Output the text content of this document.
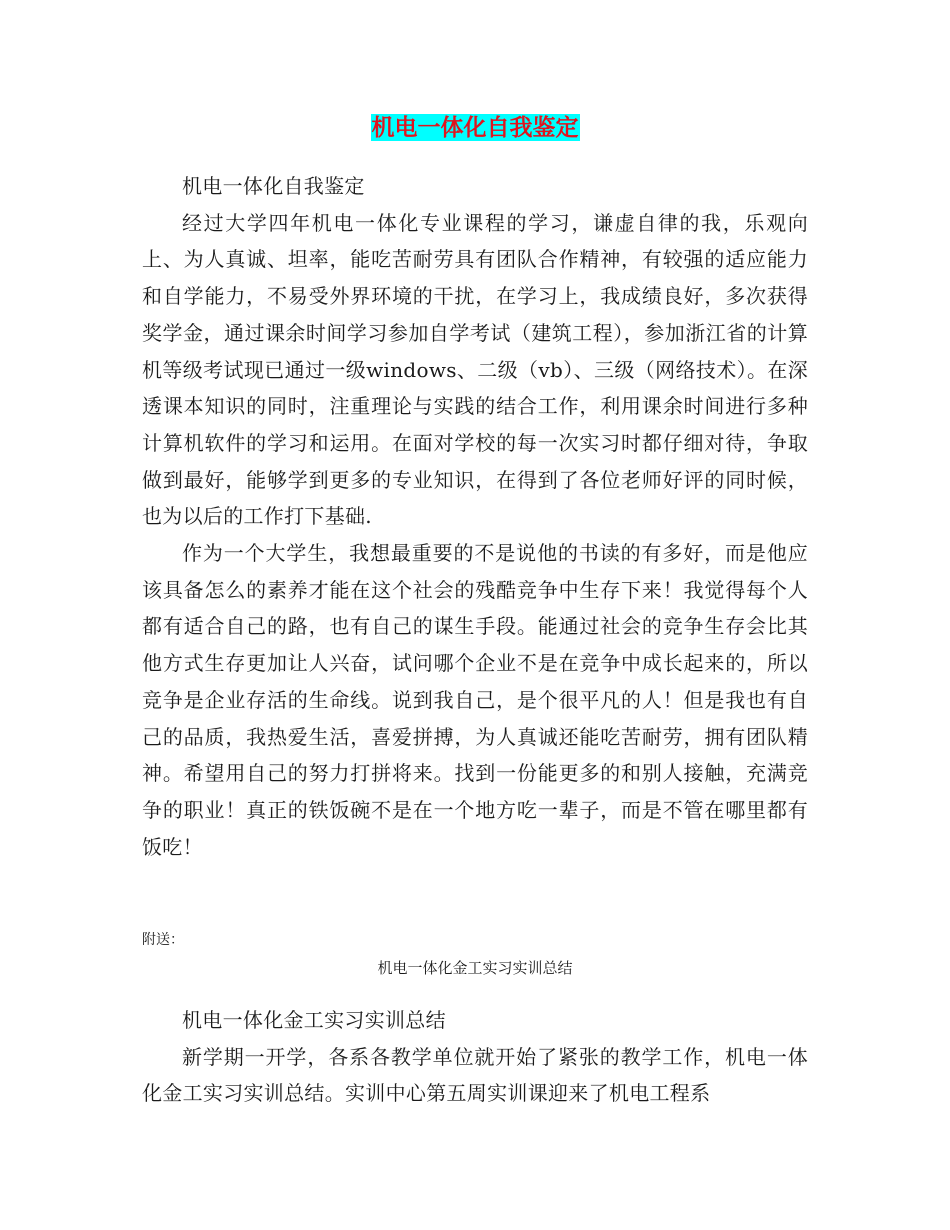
机电一体化自我鉴定

机电一体化自我鉴定

经过大学四年机电一体化专业课程的学习，谦虚自律的我，乐观向上、为人真诚、坦率，能吃苦耐劳具有团队合作精神，有较强的适应能力和自学能力，不易受外界环境的干扰，在学习上，我成绩良好，多次获得奖学金，通过课余时间学习参加自学考试（建筑工程），参加浙江省的计算机等级考试现已通过一级windows、二级（vb）、三级（网络技术）。在深透课本知识的同时，注重理论与实践的结合工作，利用课余时间进行多种计算机软件的学习和运用。在面对学校的每一次实习时都仔细对待，争取做到最好，能够学到更多的专业知识，在得到了各位老师好评的同时候，也为以后的工作打下基础.

作为一个大学生，我想最重要的不是说他的书读的有多好，而是他应该具备怎么的素养才能在这个社会的残酷竞争中生存下来！我觉得每个人都有适合自己的路，也有自己的谋生手段。能通过社会的竞争生存会比其他方式生存更加让人兴奋，试问哪个企业不是在竞争中成长起来的，所以竞争是企业存活的生命线。说到我自己，是个很平凡的人！但是我也有自己的品质，我热爱生活，喜爱拼搏，为人真诚还能吃苦耐劳，拥有团队精神。希望用自己的努力打拼将来。找到一份能更多的和别人接触，充满竞争的职业！真正的铁饭碗不是在一个地方吃一辈子，而是不管在哪里都有饭吃！

附送：
机电一体化金工实习实训总结

机电一体化金工实习实训总结

新学期一开学，各系各教学单位就开始了紧张的教学工作，机电一体化金工实习实训总结。实训中心第五周实训课迎来了机电工程系
